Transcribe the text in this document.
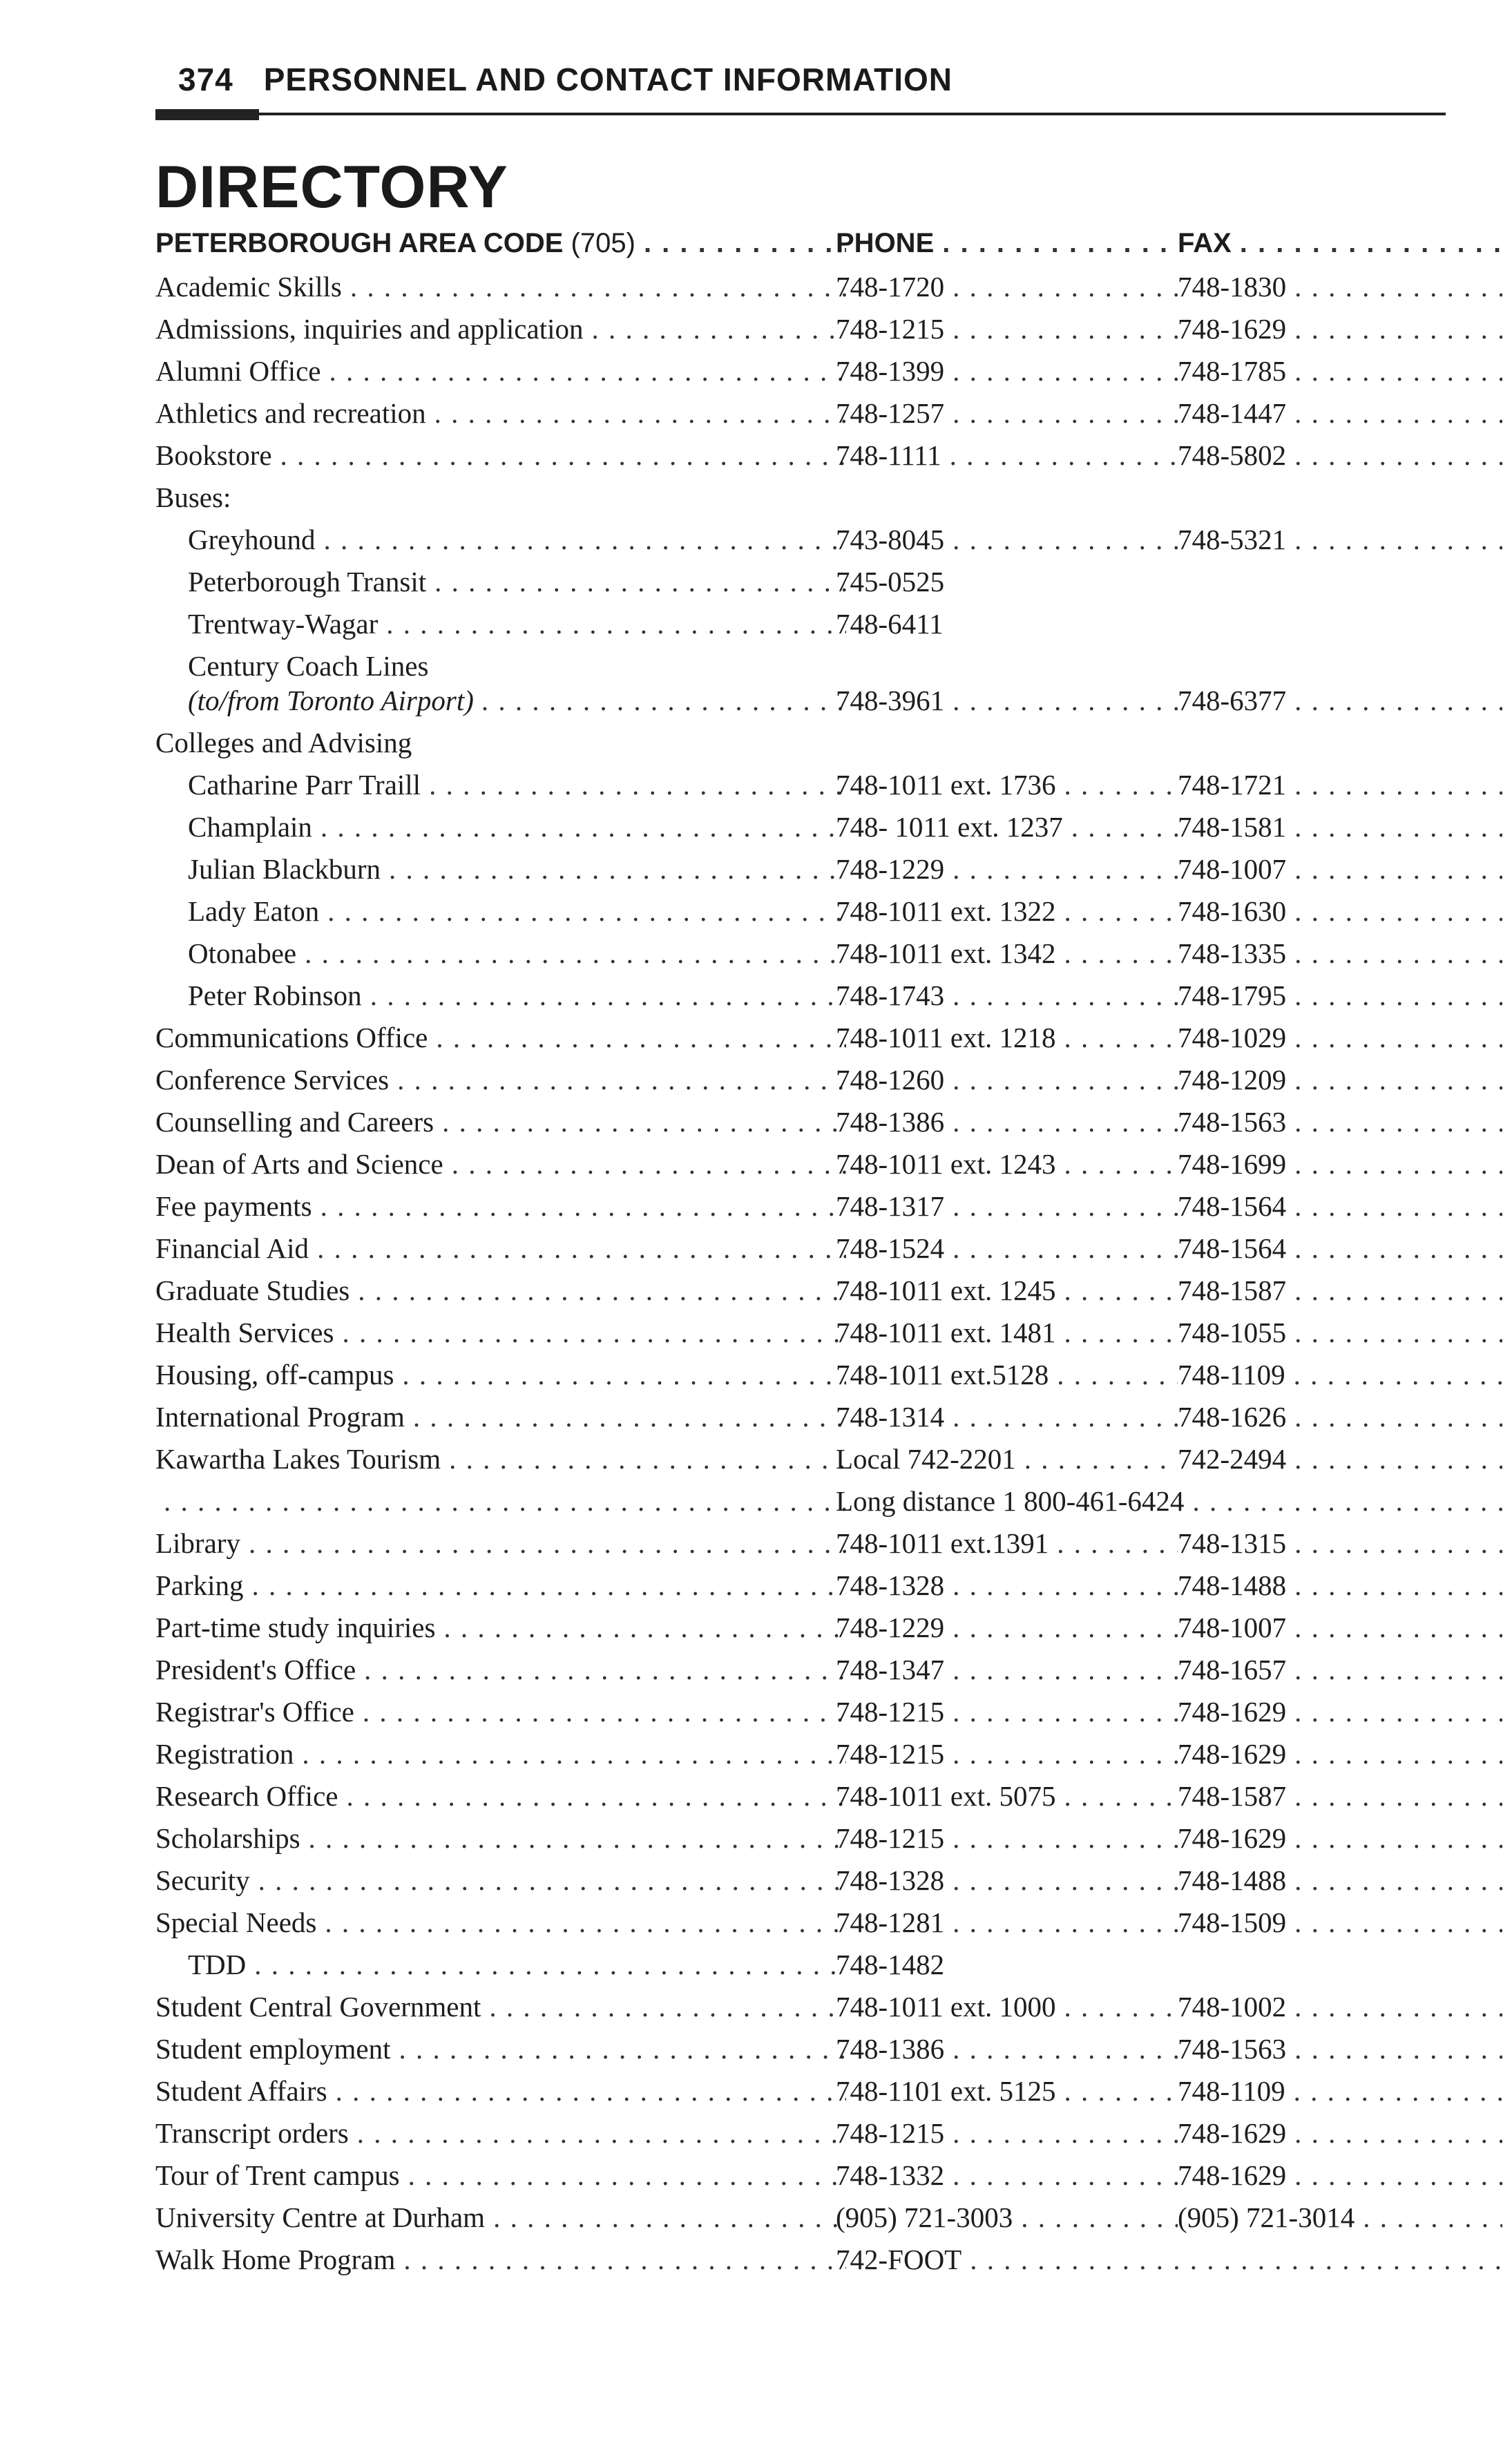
374 PERSONNEL AND CONTACT INFORMATION
DIRECTORY
PETERBOROUGH AREA CODE (705) . . .	PHONE . . .	FAX . . .
Academic Skills . . .	748-1720 . . .	748-1830 . . .
Admissions, inquiries and application . . .	748-1215 . . .	748-1629 . . .
Alumni Office . . .	748-1399 . . .	748-1785 . . .
Athletics and recreation . . .	748-1257 . . .	748-1447 . . .
Bookstore . . .	748-1111 . . .	748-5802 . . .
Buses:
Greyhound . . .	743-8045 . . .	748-5321 . . .
Peterborough Transit . . .	745-0525
Trentway-Wagar . . .	748-6411
Century Coach Lines
(to/from Toronto Airport) . . .	748-3961 . . .	748-6377 . . .
Colleges and Advising
Catharine Parr Traill . . .	748-1011 ext. 1736 . . .	748-1721 . . .
Champlain . . .	748- 1011 ext. 1237 . . .	748-1581 . . .
Julian Blackburn . . .	748-1229 . . .	748-1007 . . .
Lady Eaton . . .	748-1011 ext. 1322 . . .	748-1630 . . .
Otonabee . . .	748-1011 ext. 1342 . . .	748-1335 . . .
Peter Robinson . . .	748-1743 . . .	748-1795 . . .
Communications Office . . .	748-1011 ext. 1218 . . .	748-1029 . . .
Conference Services . . .	748-1260 . . .	748-1209 . . .
Counselling and Careers . . .	748-1386 . . .	748-1563 . . .
Dean of Arts and Science . . .	748-1011 ext. 1243 . . .	748-1699 . . .
Fee payments . . .	748-1317 . . .	748-1564 . . .
Financial Aid . . .	748-1524 . . .	748-1564 . . .
Graduate Studies . . .	748-1011 ext. 1245 . . .	748-1587 . . .
Health Services . . .	748-1011 ext. 1481 . . .	748-1055 . . .
Housing, off-campus . . .	748-1011 ext.5128 . . .	748-1109 . . .
International Program . . .	748-1314 . . .	748-1626 . . .
Kawartha Lakes Tourism . . .	Local 742-2201 . . .	742-2494 . . .
. . .
Long distance 1 800-461-6424 . . .
Library . . .	748-1011 ext.1391 . . .	748-1315 . . .
Parking . . .	748-1328 . . .	748-1488 . . .
Part-time study inquiries . . .	748-1229 . . .	748-1007 . . .
President's Office . . .	748-1347 . . .	748-1657 . . .
Registrar's Office . . .	748-1215 . . .	748-1629 . . .
Registration . . .	748-1215 . . .	748-1629 . . .
Research Office . . .	748-1011 ext. 5075 . . .	748-1587 . . .
Scholarships . . .	748-1215 . . .	748-1629 . . .
Security . . .	748-1328 . . .	748-1488 . . .
Special Needs . . .	748-1281 . . .	748-1509 . . .
TDD . . .	748-1482
Student Central Government . . .	748-1011 ext. 1000 . . .	748-1002 . . .
Student employment . . .	748-1386 . . .	748-1563 . . .
Student Affairs . . .	748-1101 ext. 5125 . . .	748-1109 . . .
Transcript orders . . .	748-1215 . . .	748-1629 . . .
Tour of Trent campus . . .	748-1332 . . .	748-1629 . . .
University Centre at Durham . . .	(905) 721-3003 . . .	(905) 721-3014 . . .
Walk Home Program . . .	742-FOOT . . .
